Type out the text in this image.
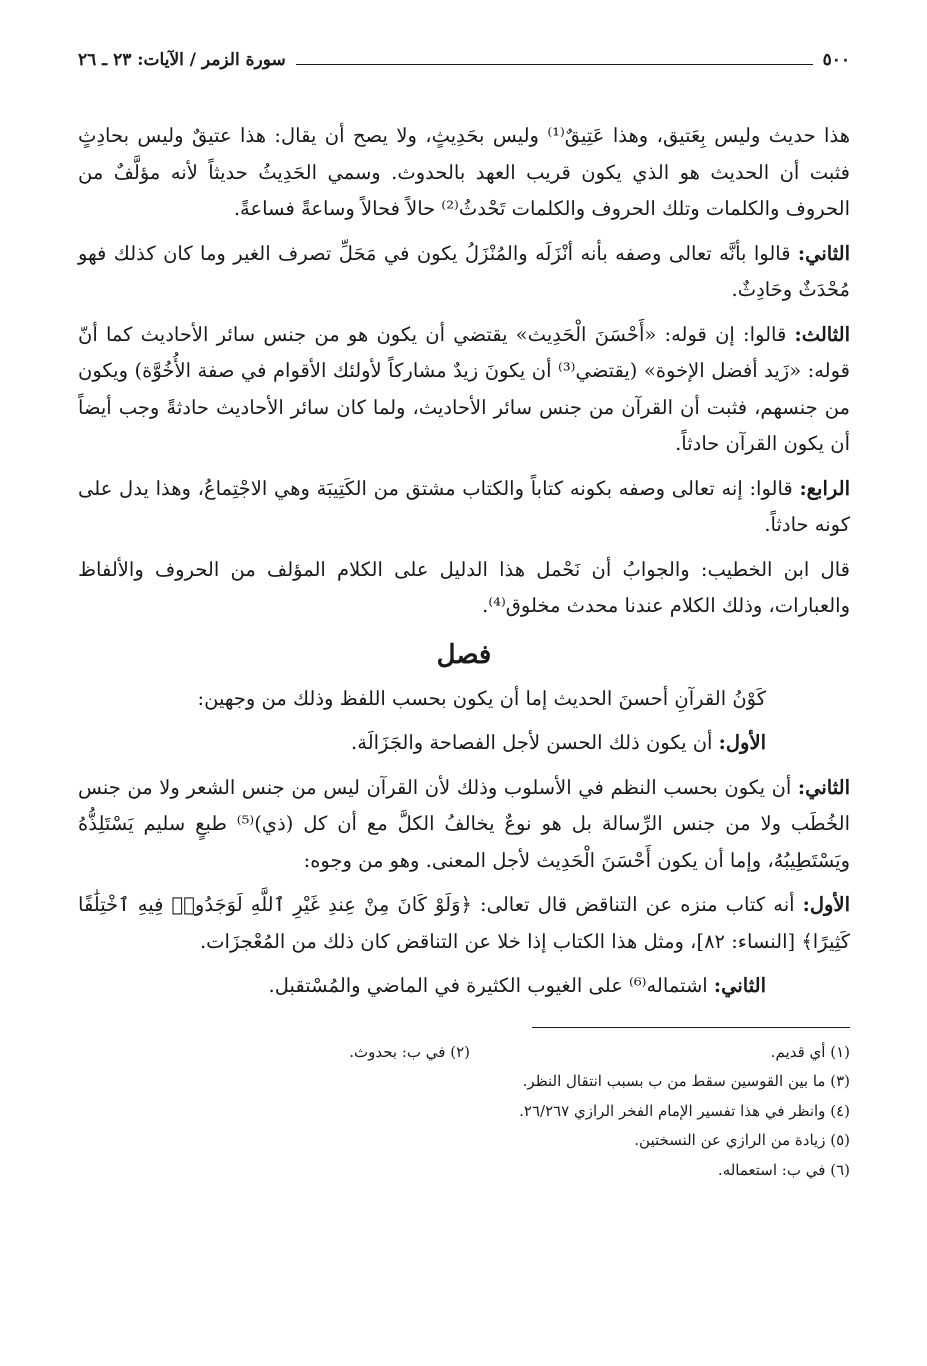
٥٠٠
سورة الزمر / الآيات: ٢٣ ـ ٢٦

هذا حديث وليس بِعَتيق، وهذا عَتِيقٌ⁽¹⁾ وليس بحَدِيثٍ، ولا يصح أن يقال: هذا عتيقٌ وليس بحادِثٍ فثبت أن الحديث هو الذي يكون قريب العهد بالحدوث. وسمي الحَدِيثُ حديثاً لأنه مؤلَّفٌ من الحروف والكلمات وتلك الحروف والكلمات تَحْدثُ⁽²⁾ حالاً فحالاً وساعةً فساعةً.

الثاني: قالوا بأنَّه تعالى وصفه بأنه أنْزَلَه والمُنْزَلُ يكون في مَحَلِّ تصرف الغير وما كان كذلك فهو مُحْدَثٌ وحَادِثٌ.

الثالث: قالوا: إن قوله: «أَحْسَنَ الْحَدِيث» يقتضي أن يكون هو من جنس سائر الأحاديث كما أنّ قوله: «زَيد أفضل الإخوة» (يقتضي⁽³⁾ أن يكونَ زيدٌ مشاركاً لأولئك الأقوام في صفة الأُخُوَّة) ويكون من جنسهم، فثبت أن القرآن من جنس سائر الأحاديث، ولما كان سائر الأحاديث حادثةً وجب أيضاً أن يكون القرآن حادثاً.

الرابع: قالوا: إنه تعالى وصفه بكونه كتاباً والكتاب مشتق من الكَتِيبَة وهي الاجْتِماعُ، وهذا يدل على كونه حادثاً.

قال ابن الخطيب: والجوابُ أن نَحْمل هذا الدليل على الكلام المؤلف من الحروف والألفاظ والعبارات، وذلك الكلام عندنا محدث مخلوق⁽⁴⁾.

فصل

كَوْنُ القرآنِ أحسنَ الحديث إما أن يكون بحسب اللفظ وذلك من وجهين:

الأول: أن يكون ذلك الحسن لأجل الفصاحة والجَزَالَة.

الثاني: أن يكون بحسب النظم في الأسلوب وذلك لأن القرآن ليس من جنس الشعر ولا من جنس الخُطَب ولا من جنس الرِّسالة بل هو نوعٌ يخالفُ الكلَّ مع أن كل (ذي)⁽⁵⁾ طبعٍ سليم يَسْتَلِذُّهُ ويَسْتَطِيبُهُ، وإما أن يكون أَحْسَنَ الْحَدِيث لأجل المعنى. وهو من وجوه:

الأول: أنه كتاب منزه عن التناقض قال تعالى: ﴿وَلَوْ كَانَ مِنْ عِندِ غَيْرِ ٱللَّهِ لَوَجَدُوا۟ فِيهِ ٱخْتِلَٰفًا كَثِيرًا﴾ [النساء: ٨٢]، ومثل هذا الكتاب إذا خلا عن التناقض كان ذلك من المُعْجزَات.

الثاني: اشتماله⁽⁶⁾ على الغيوب الكثيرة في الماضي والمُسْتقبل.

(١) أي قديم.
(٢) في ب: بحدوث.
(٣) ما بين القوسين سقط من ب بسبب انتقال النظر.
(٤) وانظر في هذا تفسير الإمام الفخر الرازي ٢٦/٢٦٧.
(٥) زيادة من الرازي عن النسختين.
(٦) في ب: استعماله.
